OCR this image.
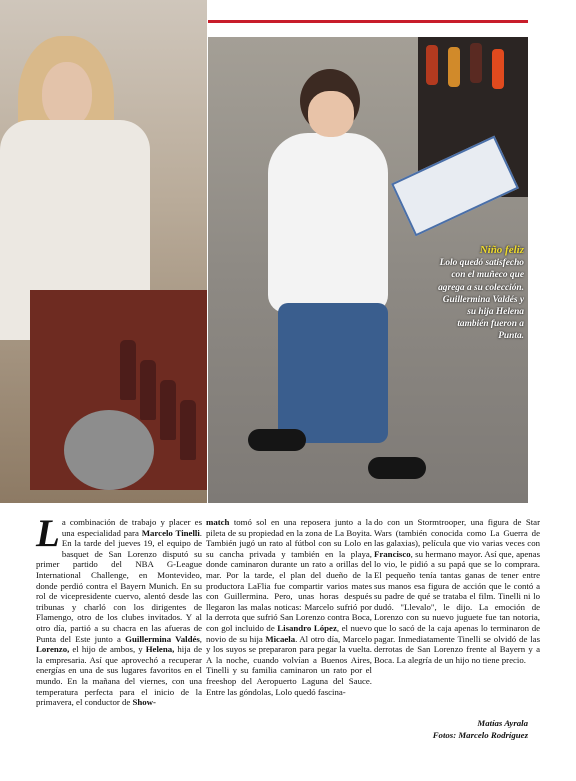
Niño feliz
Lolo quedó satisfecho con el muñeco que agrega a su colección. Guillermina Valdés y su hija Helena también fueron a Punta.
La combinación de trabajo y placer es una especialidad para Marcelo Tinelli. En la tarde del jueves 19, el equipo de basquet de San Lorenzo disputó su primer partido del NBA G-League International Challenge, en Montevideo, donde perdió contra el Bayern Munich. En su rol de vicepresidente cuervo, alentó desde las tribunas y charló con los dirigentes de Flamengo, otro de los clubes invitados. Y al otro día, partió a su chacra en las afueras de Punta del Este junto a Guillermina Valdés, Lorenzo, el hijo de ambos, y Helena, hija de la empresaria. Así que aprovechó a recuperar energías en una de sus lugares favoritos en el mundo. En la mañana del viernes, con una temperatura perfecta para el inicio de la primavera, el conductor de Show-
match tomó sol en una reposera junto a la pileta de su propiedad en la zona de La Boyita. También jugó un rato al fútbol con su Lolo en su cancha privada y también en la playa, donde caminaron durante un rato a orillas del mar. Por la tarde, el plan del dueño de la productora LaFlia fue compartir varios mates con Guillermina. Pero, unas horas después llegaron las malas noticas: Marcelo sufrió por la derrota que sufrió San Lorenzo contra Boca, con gol incluido de Lisandro López, el nuevo novio de su hija Micaela. Al otro día, Marcelo y los suyos se prepararon para pegar la vuelta. A la noche, cuando volvían a Buenos Aires, Tinelli y su familia caminaron un rato por el freeshop del Aeropuerto Laguna del Sauce. Entre las góndolas, Lolo quedó fascina-
do con un Stormtrooper, una figura de Star Wars (también conocida como La Guerra de las galaxias), película que vio varias veces con Francisco, su hermano mayor. Así que, apenas lo vio, le pidió a su papá que se lo comprara. El pequeño tenía tantas ganas de tener entre sus manos esa figura de acción que le contó a su padre de qué se trataba el film. Tinelli ni lo dudó. "Llevalo", le dijo. La emoción de Lorenzo con su nuevo juguete fue tan notoria, que lo sacó de la caja apenas lo terminaron de pagar. Inmediatamente Tinelli se olvidó de las derrotas de San Lorenzo frente al Bayern y a Boca. La alegría de un hijo no tiene precio.
Matías Ayrala
Fotos: Marcelo Rodríguez
